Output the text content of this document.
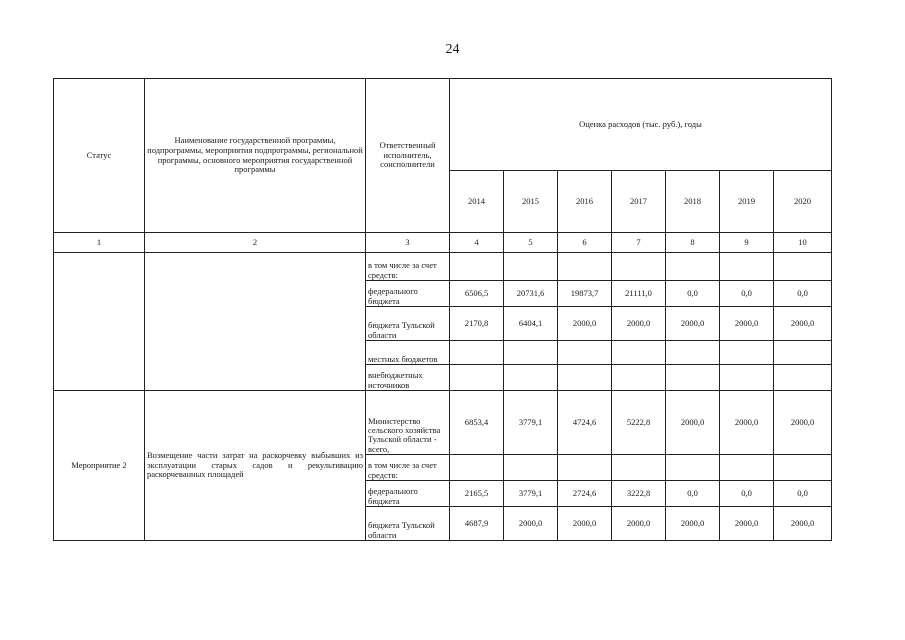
24
Статус	Наименование государственной программы, подпрограммы, мероприятия подпрограммы, региональной программы, основного мероприятия государственной программы	Ответственный исполнитель, соисполнители	Оценка расходов (тыс. руб.), годы						
			2014	2015	2016	2017	2018	2019	2020
1	2	3	4	5	6	7	8	9	10
		в том числе за счет средств:							
		федерального бюджета	6506,5	20731,6	19873,7	21111,0	0,0	0,0	0,0
		бюджета Тульской области	2170,8	6404,1	2000,0	2000,0	2000,0	2000,0	2000,0
		местных бюджетов							
		внебюджетных источников							
Мероприятие 2	Возмещение части затрат на раскорчевку выбывших из эксплуатации старых садов и рекультивацию раскорчеванных площадей	Министерство сельского хозяйства Тульской области - всего,	6853,4	3779,1	4724,6	5222,8	2000,0	2000,0	2000,0
		в том числе за счет средств:							
		федерального бюджета	2165,5	3779,1	2724,6	3222,8	0,0	0,0	0,0
		бюджета Тульской области	4687,9	2000,0	2000,0	2000,0	2000,0	2000,0	2000,0
